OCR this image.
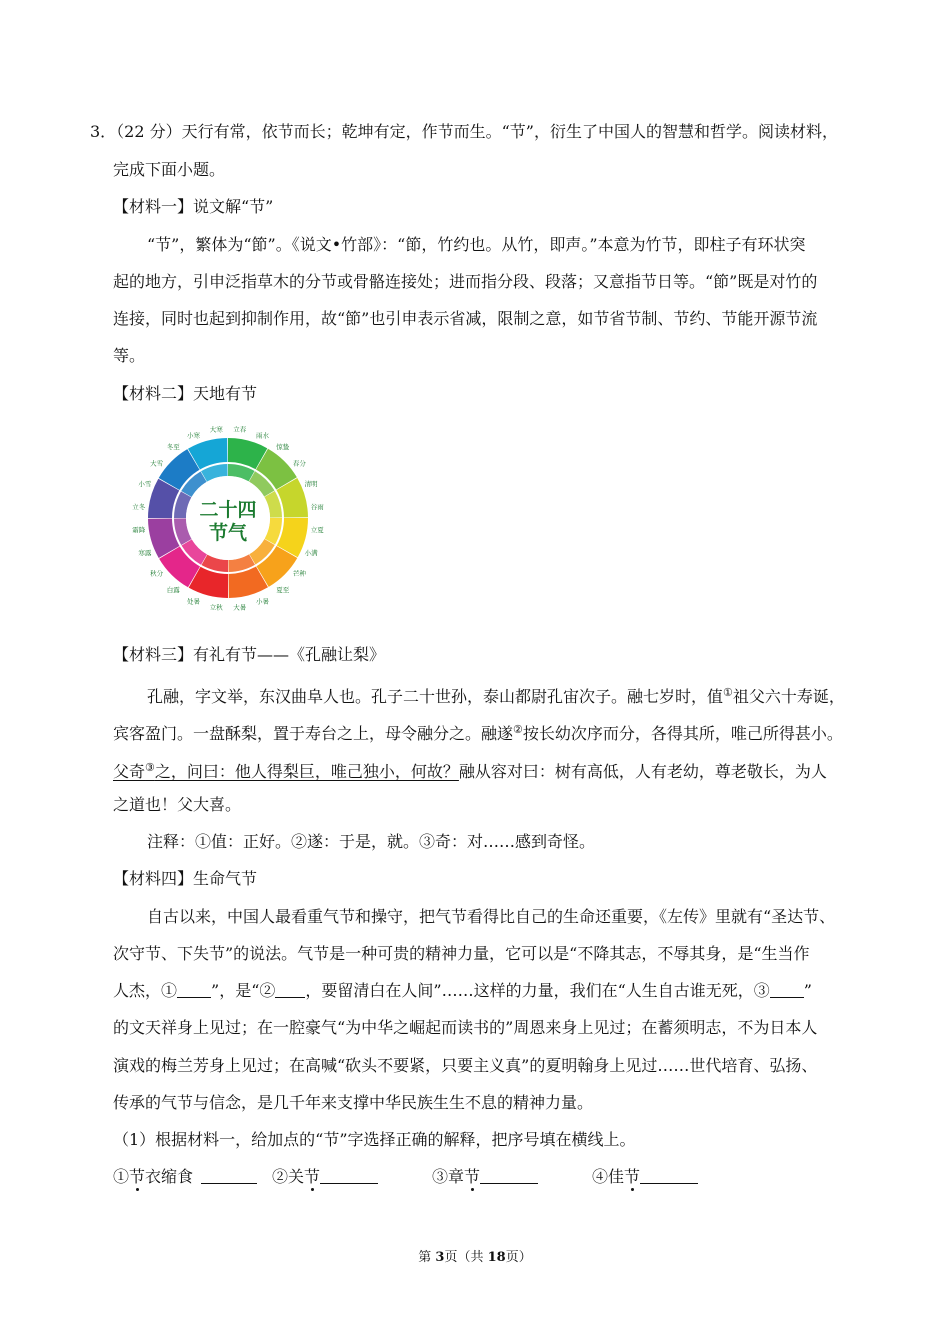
3．（22 分）天行有常，依节而长；乾坤有定，作节而生。“节”，衍生了中国人的智慧和哲学。阅读材料，
完成下面小题。
【材料一】说文解“节”
“节”，繁体为“節”。《说文•竹部》：“節，竹约也。从竹，即声。”本意为竹节，即柱子有环状突
起的地方，引申泛指草木的分节或骨骼连接处；进而指分段、段落；又意指节日等。“節”既是对竹的
连接，同时也起到抑制作用，故“節”也引申表示省减，限制之意，如节省节制、节约、节能开源节流
等。
【材料二】天地有节
立春
雨水
惊蛰
春分
清明
谷雨
立夏
小满
芒种
夏至
小暑
大暑
立秋
处暑
白露
秋分
寒露
霜降
立冬
小雪
大雪
冬至
小寒
大寒
二十四
节气
【材料三】有礼有节——《孔融让梨》
孔融，字文举，东汉曲阜人也。孔子二十世孙，泰山都尉孔宙次子。融七岁时，值①祖父六十寿诞，
宾客盈门。一盘酥梨，置于寿台之上，母令融分之。融遂②按长幼次序而分，各得其所，唯己所得甚小。
父奇③之，问曰：他人得梨巨，唯己独小，何故？融从容对曰：树有高低，人有老幼，尊老敬长，为人
之道也！父大喜。
注释：①值：正好。②遂：于是，就。③奇：对……感到奇怪。
【材料四】生命气节
自古以来，中国人最看重气节和操守，把气节看得比自己的生命还重要，《左传》里就有“圣达节、
次守节、下失节”的说法。气节是一种可贵的精神力量，它可以是“不降其志，不辱其身，是“生当作
人杰，① ”，是“② ，要留清白在人间”……这样的力量，我们在“人生自古谁无死，③ ”
的文天祥身上见过；在一腔豪气“为中华之崛起而读书的”周恩来身上见过；在蓄须明志，不为日本人
演戏的梅兰芳身上见过；在高喊“砍头不要紧，只要主义真”的夏明翰身上见过……世代培育、弘扬、
传承的气节与信念，是几千年来支撑中华民族生生不息的精神力量。
（1）根据材料一，给加点的“节”字选择正确的解释，把序号填在横线上。
①节衣缩食	②关节	③章节	④佳节
第 3页（共 18页）
